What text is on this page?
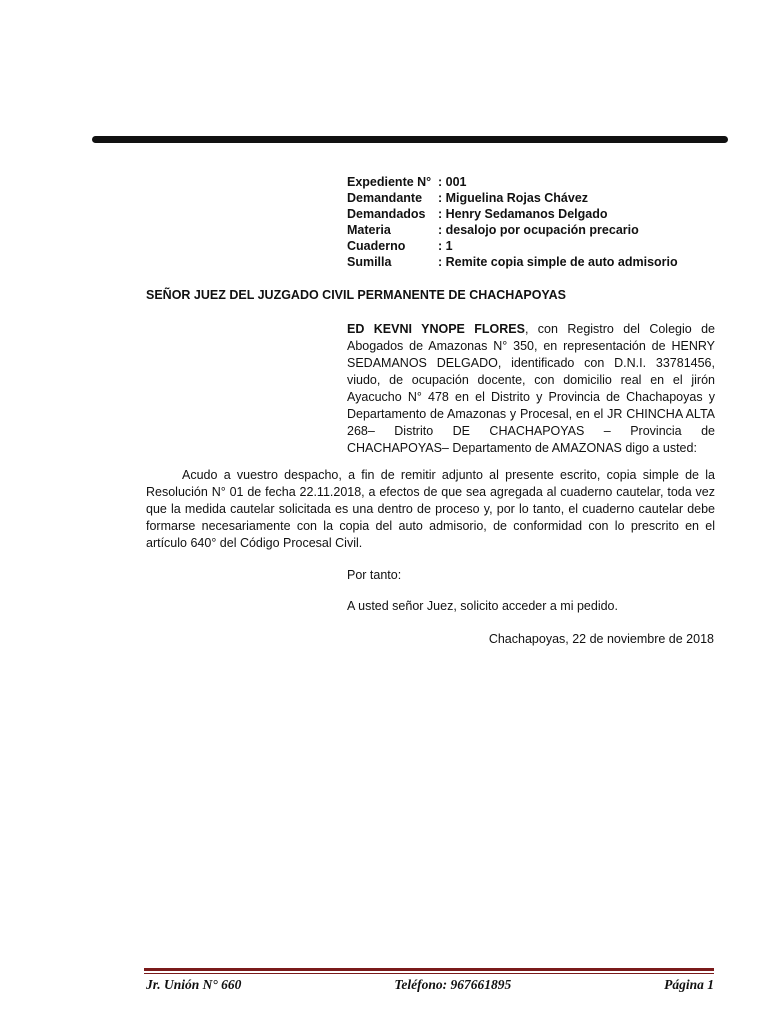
Expediente N°	: 001
Demandante	: Miguelina Rojas Chávez
Demandados	: Henry Sedamanos Delgado
Materia	: desalojo por ocupación precario
Cuaderno	: 1
Sumilla	: Remite copia simple de auto admisorio
SEÑOR JUEZ DEL JUZGADO CIVIL PERMANENTE DE CHACHAPOYAS
ED KEVNI YNOPE FLORES, con Registro del Colegio de Abogados de Amazonas N° 350, en representación de HENRY SEDAMANOS DELGADO, identificado con D.N.I. 33781456, viudo, de ocupación docente, con domicilio real en el jirón Ayacucho N° 478 en el Distrito y Provincia de Chachapoyas y Departamento de Amazonas y Procesal, en el JR CHINCHA ALTA 268– Distrito DE CHACHAPOYAS – Provincia de CHACHAPOYAS– Departamento de AMAZONAS digo a usted:
Acudo a vuestro despacho, a fin de remitir adjunto al presente escrito, copia simple de la Resolución N° 01 de fecha 22.11.2018, a efectos de que sea agregada al cuaderno cautelar, toda vez que la medida cautelar solicitada es una dentro de proceso y, por lo tanto, el cuaderno cautelar debe formarse necesariamente con la copia del auto admisorio, de conformidad con lo prescrito en el artículo 640° del Código Procesal Civil.
Por tanto:
A usted señor Juez, solicito acceder a mi pedido.
Chachapoyas, 22 de noviembre de 2018
Jr. Unión N° 660	Teléfono: 967661895	Página 1
